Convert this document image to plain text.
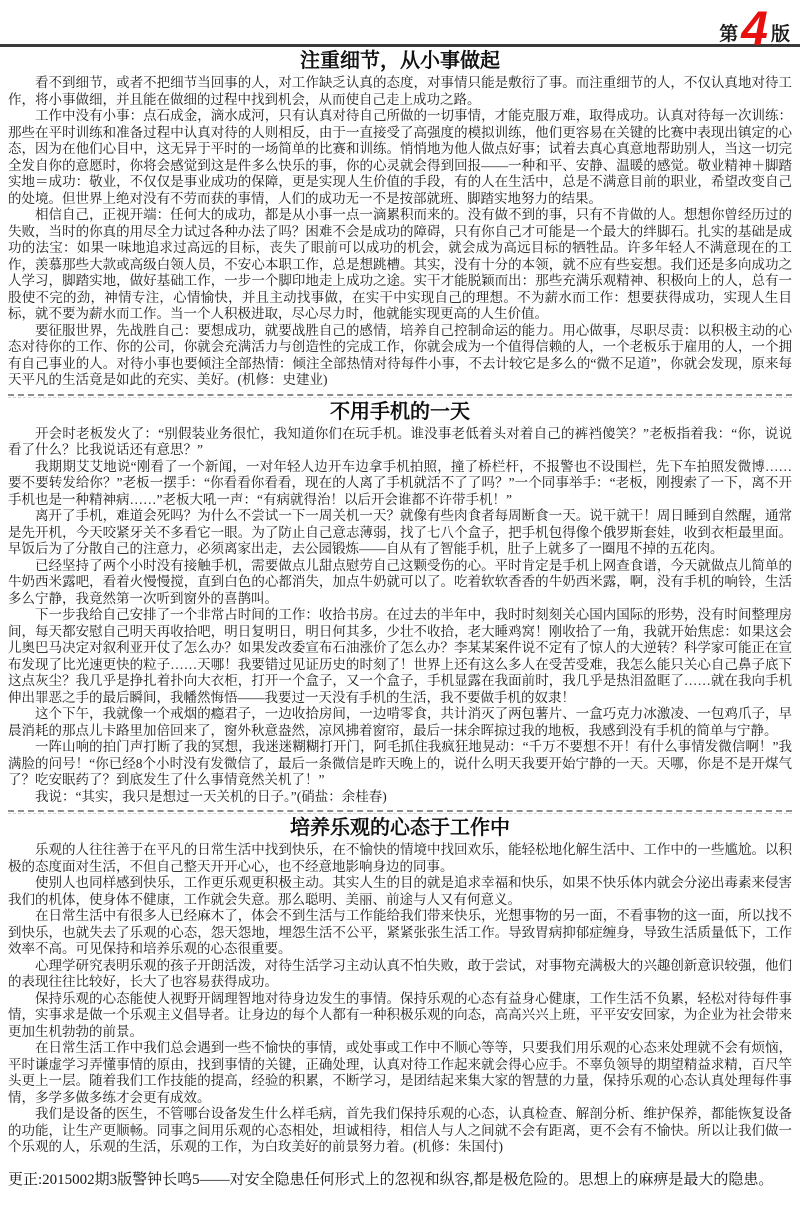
第 4 版
注重细节，从小事做起

看不到细节，或者不把细节当回事的人，对工作缺乏认真的态度，对事情只能是敷衍了事。而注重细节的人，不仅认真地对待工作，将小事做细，并且能在做细的过程中找到机会，从而使自己走上成功之路。

工作中没有小事：点石成金，滴水成河，只有认真对待自己所做的一切事情，才能克服万难，取得成功。认真对待每一次训练：那些在平时训练和准备过程中认真对待的人则相反，由于一直接受了高强度的模拟训练，他们更容易在关键的比赛中表现出镇定的心态，因为在他们心目中，这无异于平时的一场简单的比赛和训练。悄悄地为他人做点好事；试着去真心真意地帮助别人，当这一切完全发自你的意愿时，你将会感觉到这是件多么快乐的事，你的心灵就会得到回报——一种和平、安静、温暖的感觉。敬业精神＋脚踏实地＝成功：敬业，不仅仅是事业成功的保障，更是实现人生价值的手段，有的人在生活中，总是不满意目前的职业，希望改变自己的处境。但世界上绝对没有不劳而获的事情，人们的成功无一不是按部就班、脚踏实地努力的结果。

相信自己，正视开端：任何大的成功，都是从小事一点一滴累积而来的。没有做不到的事，只有不肯做的人。想想你曾经历过的失败，当时的你真的用尽全力试过各种办法了吗？困难不会是成功的障碍，只有你自己才可能是一个最大的绊脚石。扎实的基础是成功的法宝：如果一味地追求过高远的目标，丧失了眼前可以成功的机会，就会成为高远目标的牺牲品。许多年轻人不满意现在的工作，羡慕那些大款或高级白领人员，不安心本职工作，总是想跳槽。其实，没有十分的本领，就不应有些妄想。我们还是多向成功之人学习，脚踏实地，做好基础工作，一步一个脚印地走上成功之途。实干才能脱颖而出：那些充满乐观精神、积极向上的人，总有一股使不完的劲，神情专注，心情愉快，并且主动找事做，在实干中实现自己的理想。不为薪水而工作：想要获得成功，实现人生目标，就不要为薪水而工作。当一个人积极进取，尽心尽力时，他就能实现更高的人生价值。

要征服世界，先战胜自己：要想成功，就要战胜自己的感情，培养自己控制命运的能力。用心做事，尽职尽责：以积极主动的心态对待你的工作、你的公司，你就会充满活力与创造性的完成工作，你就会成为一个值得信赖的人，一个老板乐于雇用的人，一个拥有自己事业的人。对待小事也要倾注全部热情：倾注全部热情对待每件小事，不去计较它是多么的“微不足道”，你就会发现，原来每天平凡的生活竟是如此的充实、美好。(机修：史建业)

不用手机的一天

开会时老板发火了：“别假装业务很忙，我知道你们在玩手机。谁没事老低着头对着自己的裤裆傻笑？”老板指着我：“你，说说看了什么？比我说话还有意思？”

我期期艾艾地说“刚看了一个新闻，一对年轻人边开车边拿手机拍照，撞了桥栏杆，不报警也不设围栏，先下车拍照发微博……要不要转发给你？”老板一摆手：“你看看你看看，现在的人离了手机就活不了了吗？”一个同事举手：“老板，刚搜索了一下，离不开手机也是一种精神病……”老板大吼一声：“有病就得治！以后开会谁都不许带手机！”

离开了手机，难道会死吗？为什么不尝试一下一周关机一天？就像有些肉食者每周断食一天。说干就干！周日睡到自然醒，通常是先开机，今天咬紧牙关不多看它一眼。为了防止自己意志薄弱，找了七八个盒子，把手机包得像个俄罗斯套娃，收到衣柜最里面。早饭后为了分散自己的注意力，必须离家出走，去公园锻炼——自从有了智能手机，肚子上就多了一圈甩不掉的五花肉。

已经坚持了两个小时没有接触手机，需要做点儿甜点慰劳自己这颗受伤的心。平时肯定是手机上网查食谱，今天就做点儿简单的牛奶西米露吧，看着火慢慢搅，直到白色的心都消失，加点牛奶就可以了。吃着软软香香的牛奶西米露，啊，没有手机的响铃，生活多么宁静，我竟然第一次听到窗外的喜鹊叫。

下一步我给自己安排了一个非常占时间的工作：收拾书房。在过去的半年中，我时时刻刻关心国内国际的形势，没有时间整理房间，每天都安慰自己明天再收拾吧，明日复明日，明日何其多，少壮不收拾，老大睡鸡窝！刚收拾了一角，我就开始焦虑：如果这会儿奥巴马决定对叙利亚开仗了怎么办？如果发改委宣布石油涨价了怎么办？李某某案件说不定有了惊人的大逆转？科学家可能正在宣布发现了比光速更快的粒子……天哪！我要错过见证历史的时刻了！世界上还有这么多人在受苦受难，我怎么能只关心自己鼻子底下这点灰尘？我几乎是挣扎着扑向大衣柜，打开一个盒子，又一个盒子，手机显露在我面前时，我几乎是热泪盈眶了……就在我向手机伸出罪恶之手的最后瞬间，我幡然悔悟——我要过一天没有手机的生活，我不要做手机的奴隶！

这个下午，我就像一个戒烟的瘾君子，一边收拾房间，一边啃零食，共计消灭了两包薯片、一盒巧克力冰激凌、一包鸡爪子，早晨消耗的那点儿卡路里加倍回来了，窗外秋意盎然，凉风拂着窗帘，最后一抹余晖掠过我的地板，我感到没有手机的简单与宁静。

一阵山响的拍门声打断了我的冥想，我迷迷糊糊打开门，阿毛抓住我疯狂地晃动：“千万不要想不开！有什么事情发微信啊！”我满脸的问号！“你已经8个小时没有发微信了，最后一条微信是昨天晚上的，说什么明天我要开始宁静的一天。天哪，你是不是开煤气了？吃安眠药了？到底发生了什么事情竟然关机了！”

我说：“其实，我只是想过一天关机的日子。”(硝盐：余桂春)

培养乐观的心态于工作中

乐观的人往往善于在平凡的日常生活中找到快乐，在不愉快的情境中找回欢乐，能轻松地化解生活中、工作中的一些尴尬。以积极的态度面对生活，不但自己整天开开心心，也不经意地影响身边的同事。

使别人也同样感到快乐，工作更乐观更积极主动。其实人生的目的就是追求幸福和快乐，如果不快乐体内就会分泌出毒素来侵害我们的机体，使身体不健康，工作就会失意。那么聪明、美丽、前途与人又有何意义。

在日常生活中有很多人已经麻木了，体会不到生活与工作能给我们带来快乐，光想事物的另一面，不看事物的这一面，所以找不到快乐，也就失去了乐观的心态，怨天怨地，埋怨生活不公平，紧紧张张生活工作。导致胃病抑郁症缠身，导致生活质量低下，工作效率不高。可见保持和培养乐观的心态很重要。

心理学研究表明乐观的孩子开朗活泼，对待生活学习主动认真不怕失败，敢于尝试，对事物充满极大的兴趣创新意识较强，他们的表现往往比较好，长大了也容易获得成功。

保持乐观的心态能使人视野开阔理智地对待身边发生的事情。保持乐观的心态有益身心健康，工作生活不负累，轻松对待每件事情，实事求是做一个乐观主义倡导者。让身边的每个人都有一种积极乐观的向态，高高兴兴上班，平平安安回家，为企业为社会带来更加生机勃勃的前景。

在日常生活工作中我们总会遇到一些不愉快的事情，或处事或工作中不顺心等等，只要我们用乐观的心态来处理就不会有烦恼，平时谦虚学习弄懂事情的原由，找到事情的关键，正确处理，认真对待工作起来就会得心应手。不辜负领导的期望精益求精，百尺竿头更上一层。随着我们工作技能的提高，经验的积累，不断学习，是团结起来集大家的智慧的力量，保持乐观的心态认真处理每件事情，多学多做多练才会更有成效。

我们是设备的医生，不管哪台设备发生什么样毛病，首先我们保持乐观的心态，认真检查、解剖分析、维护保养，都能恢复设备的功能，让生产更顺畅。同事之间用乐观的心态相处，坦诚相待，相信人与人之间就不会有距离，更不会有不愉快。所以让我们做一个乐观的人，乐观的生活，乐观的工作，为白玫美好的前景努力着。(机修：朱国付)

更正:2015002期3版警钟长鸣5——对安全隐患任何形式上的忽视和纵容,都是极危险的。思想上的麻痹是最大的隐患。
